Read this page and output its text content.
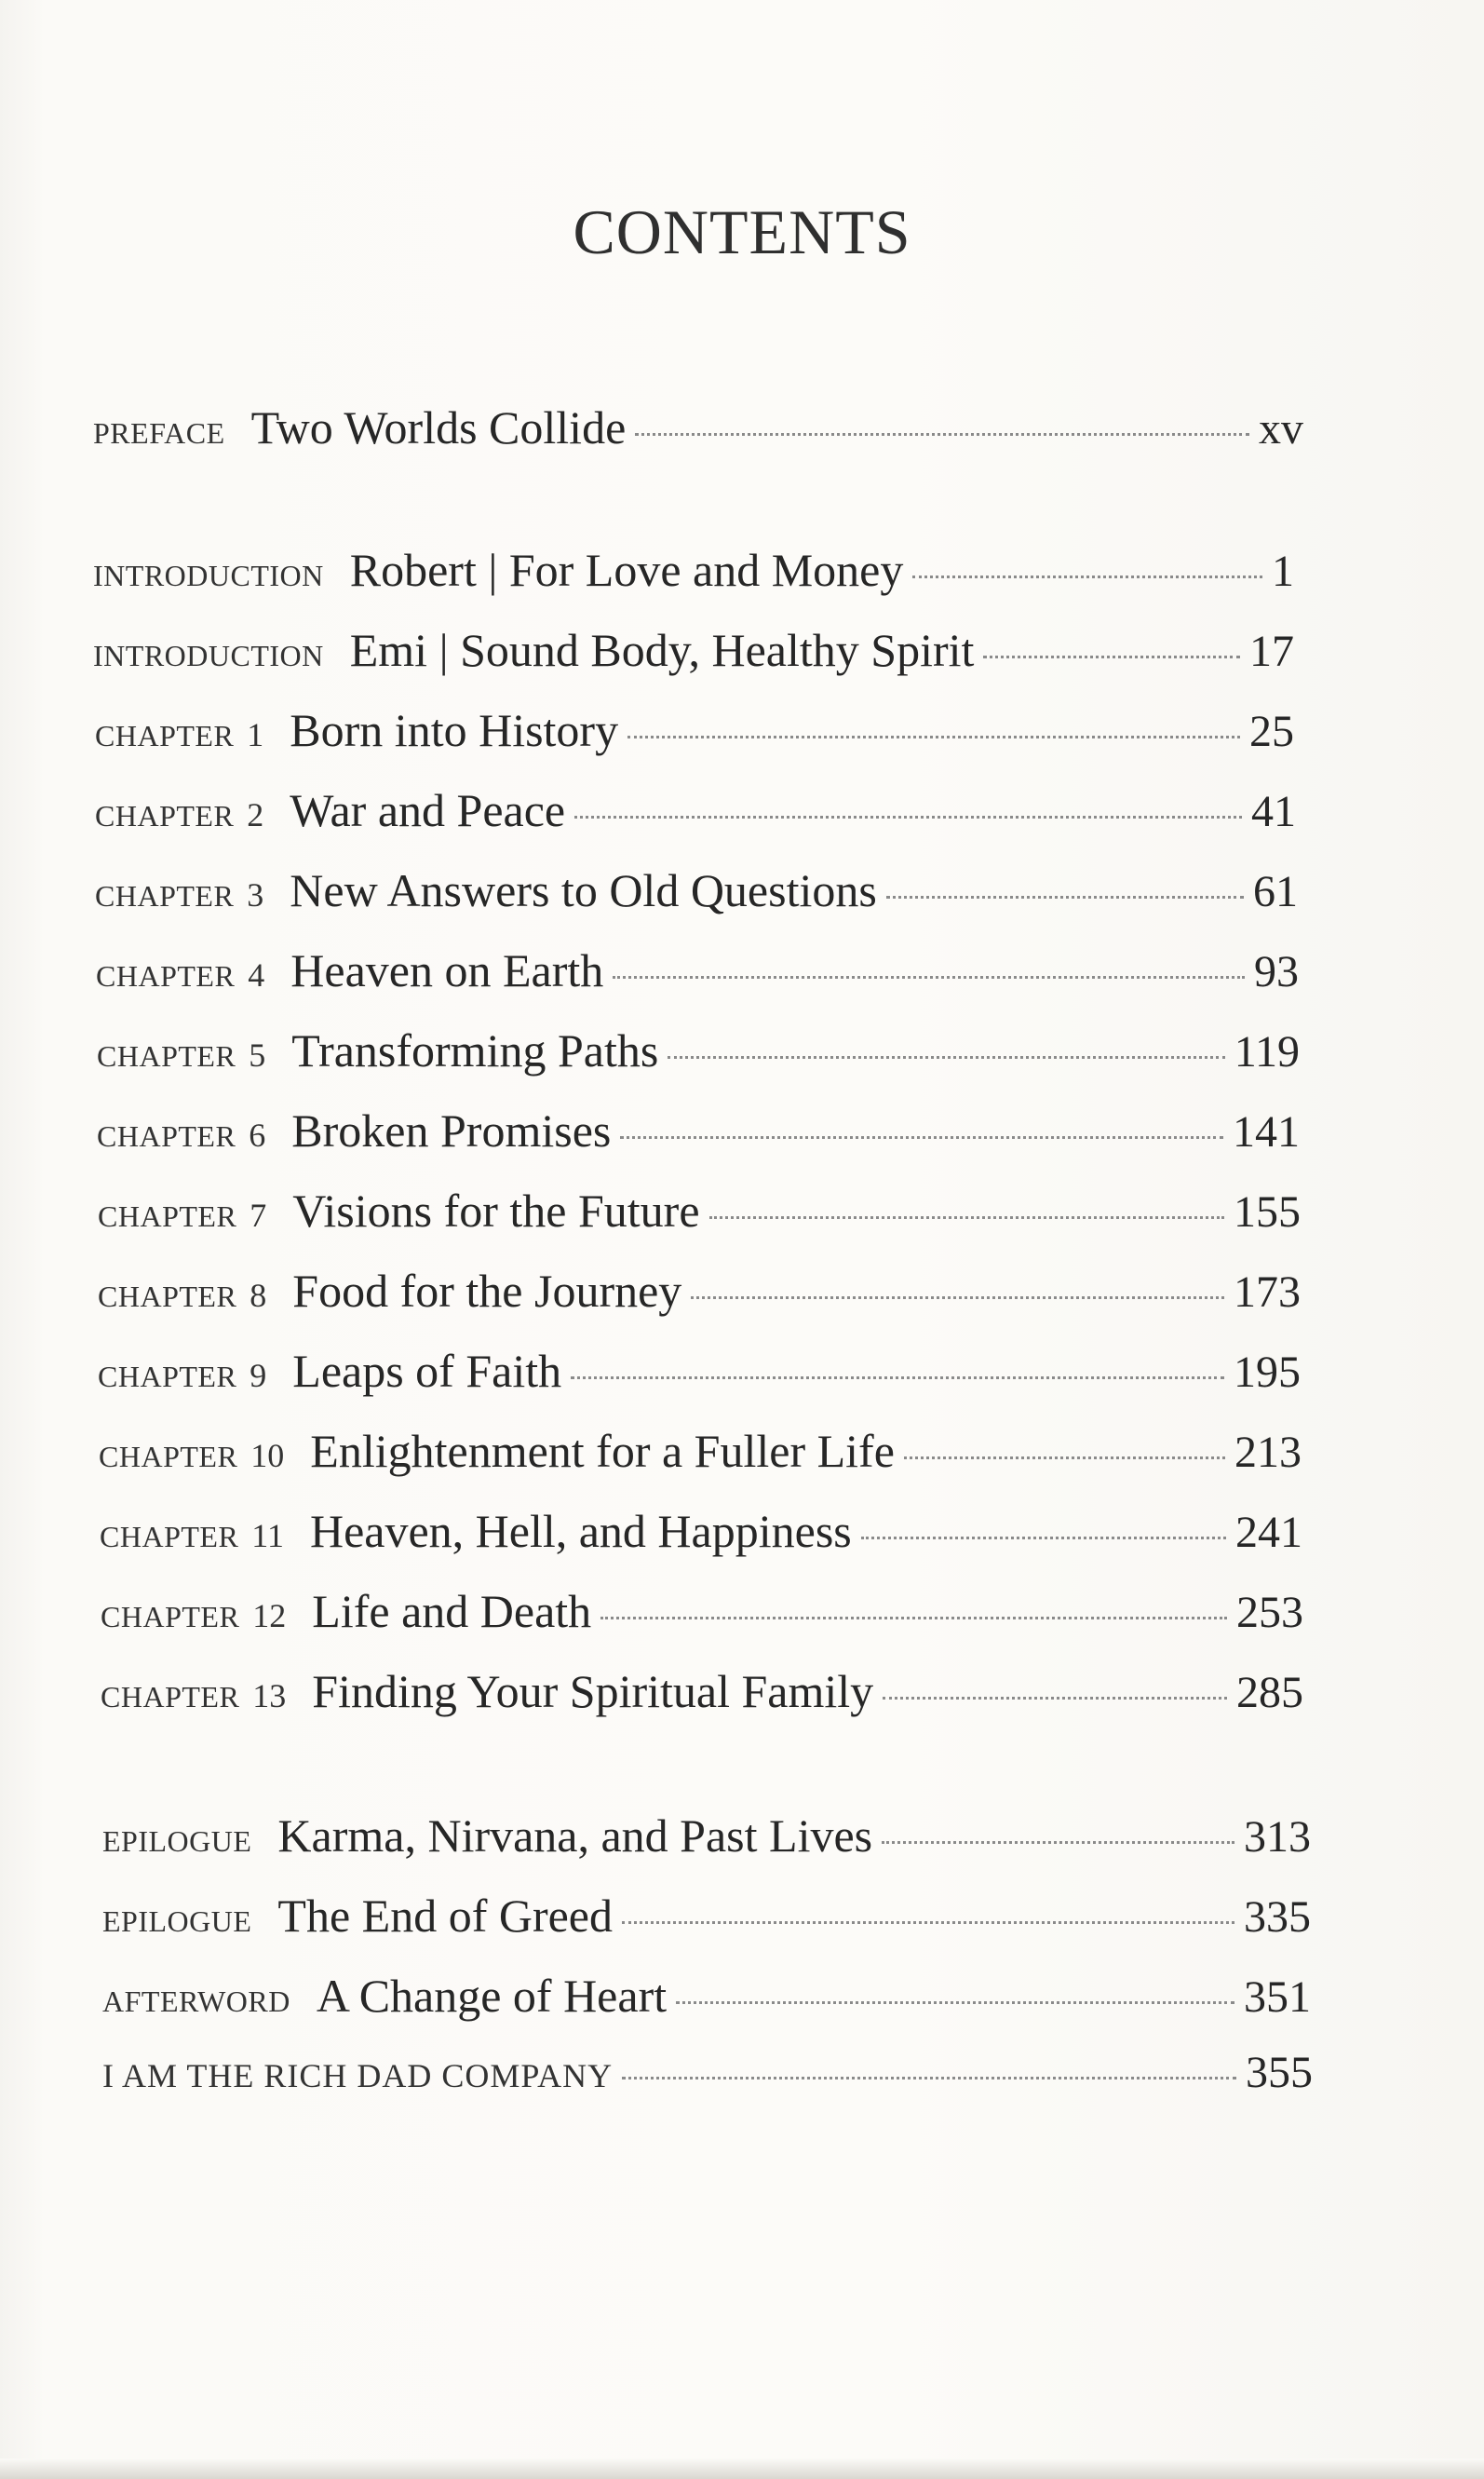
CONTENTS
preface Two Worlds Collide	xv
introduction Robert | For Love and Money	1
introduction Emi | Sound Body, Healthy Spirit	17
chapter 1 Born into History	25
chapter 2 War and Peace	41
chapter 3 New Answers to Old Questions	61
chapter 4 Heaven on Earth	93
chapter 5 Transforming Paths	119
chapter 6 Broken Promises	141
chapter 7 Visions for the Future	155
chapter 8 Food for the Journey	173
chapter 9 Leaps of Faith	195
chapter 10 Enlightenment for a Fuller Life	213
chapter 11 Heaven, Hell, and Happiness	241
chapter 12 Life and Death	253
chapter 13 Finding Your Spiritual Family	285
epilogue Karma, Nirvana, and Past Lives	313
epilogue The End of Greed	335
afterword A Change of Heart	351
I AM THE RICH DAD COMPANY	355
